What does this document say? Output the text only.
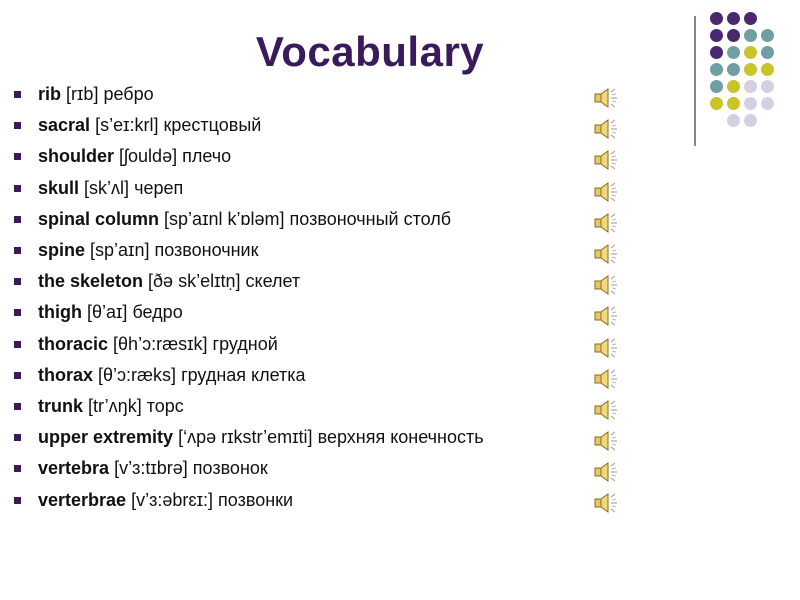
Vocabulary
rib
[rɪb]
ребро
sacral
[s’eɪ:krl]
крестцовый
shoulder
[ʃouldə]
плечо
skull
[sk’ʌl]
череп
spinal column
[sp’aɪnl k’ɒləm]
позвоночный столб
spine
[sp’aɪn]
позвоночник
the skeleton
[ðə sk’elɪtṇ]
скелет
thigh
[θ’aɪ]
бедро
thoracic
[θh’ɔ:ræsɪk]
грудной
thorax
[θ’ɔ:ræks]
грудная клетка
trunk
[tr’ʌŋk]
торс
upper extremity
[‘ʌpə rɪkstr’emɪti]
верхняя конечность
vertebra
[v’ɜ:tɪbrə]
позвонок
verterbrae
[v’ɜ:əbrɛɪ:]
позвонки
